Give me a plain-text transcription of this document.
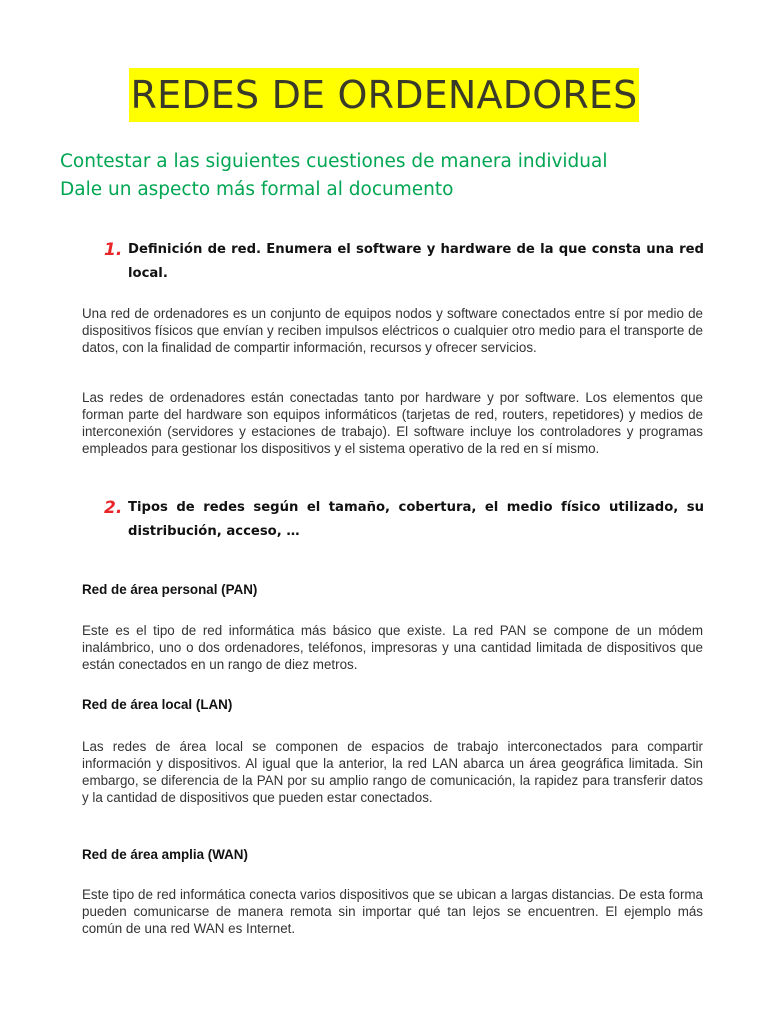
REDES DE ORDENADORES
Contestar a las siguientes cuestiones de manera individual
Dale un aspecto más formal al documento
1. Definición de red. Enumera el software y hardware de la que consta una red local.

Una red de ordenadores es un conjunto de equipos nodos y software conectados entre sí por medio de dispositivos físicos que envían y reciben impulsos eléctricos o cualquier otro medio para el transporte de datos, con la finalidad de compartir información, recursos y ofrecer servicios.

Las redes de ordenadores están conectadas tanto por hardware y por software. Los elementos que forman parte del hardware son equipos informáticos (tarjetas de red, routers, repetidores) y medios de interconexión (servidores y estaciones de trabajo). El software incluye los controladores y programas empleados para gestionar los dispositivos y el sistema operativo de la red en sí mismo.

2. Tipos de redes según el tamaño, cobertura, el medio físico utilizado, su distribución, acceso, …
Red de área personal (PAN)

Este es el tipo de red informática más básico que existe. La red PAN se compone de un módem inalámbrico, uno o dos ordenadores, teléfonos, impresoras y una cantidad limitada de dispositivos que están conectados en un rango de diez metros.

Red de área local (LAN)

Las redes de área local se componen de espacios de trabajo interconectados para compartir información y dispositivos. Al igual que la anterior, la red LAN abarca un área geográfica limitada. Sin embargo, se diferencia de la PAN por su amplio rango de comunicación, la rapidez para transferir datos y la cantidad de dispositivos que pueden estar conectados.

Red de área amplia (WAN)

Este tipo de red informática conecta varios dispositivos que se ubican a largas distancias. De esta forma pueden comunicarse de manera remota sin importar qué tan lejos se encuentren. El ejemplo más común de una red WAN es Internet.
